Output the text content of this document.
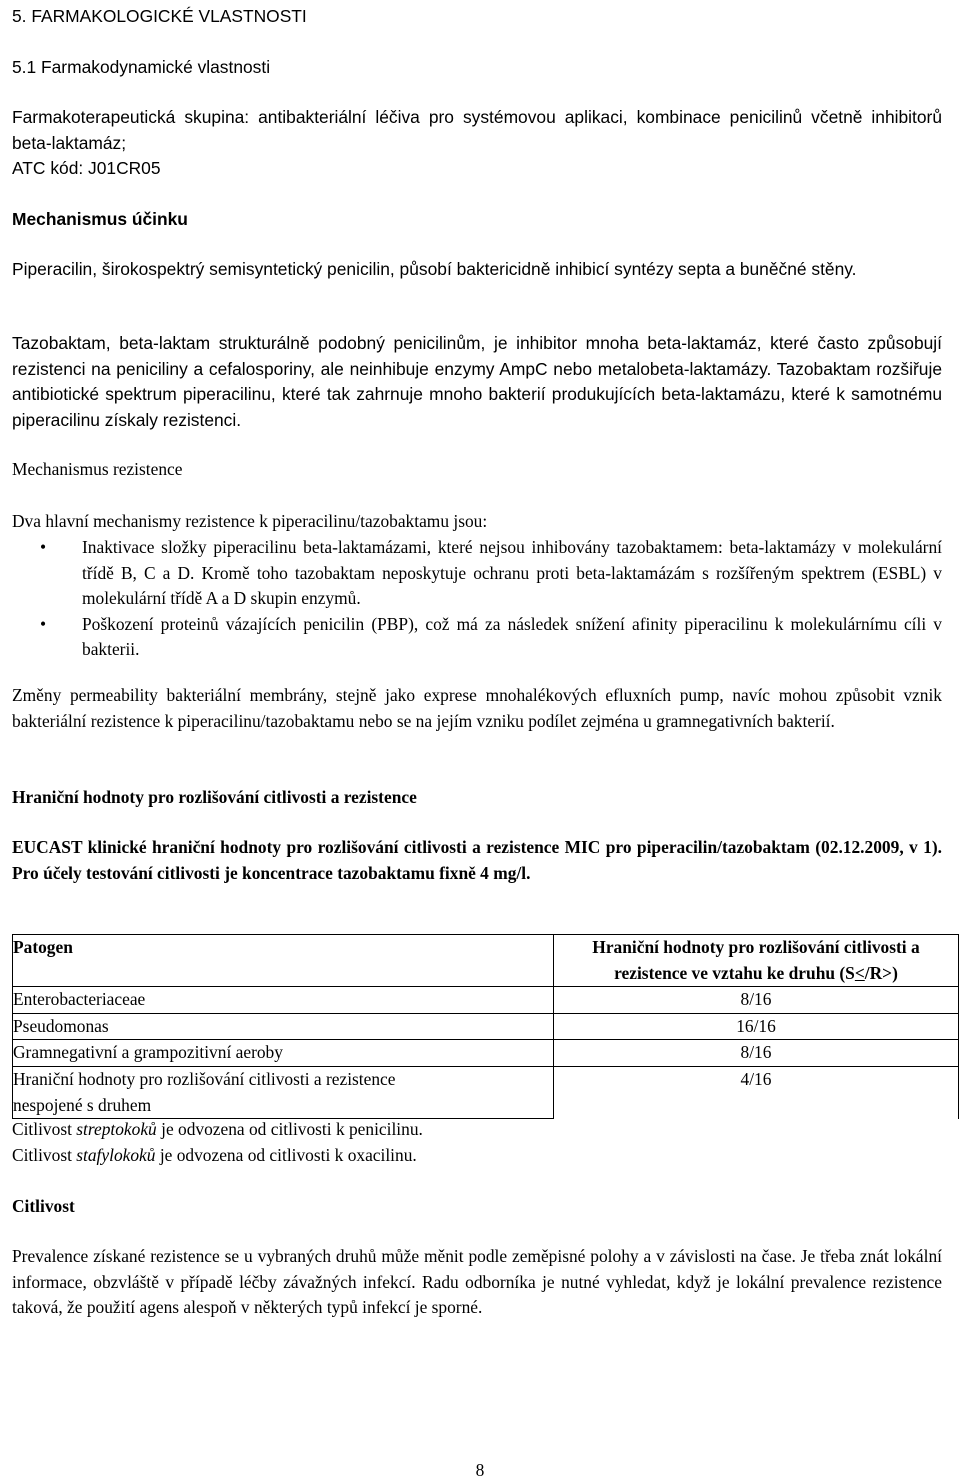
5. FARMAKOLOGICKÉ VLASTNOSTI
5.1 Farmakodynamické vlastnosti
Farmakoterapeutická skupina: antibakteriální léčiva pro systémovou aplikaci, kombinace penicilinů včetně inhibitorů beta-laktamáz;
ATC kód: J01CR05
Mechanismus účinku
Piperacilin, širokospektrý semisyntetický penicilin, působí baktericidně inhibicí syntézy septa a buněčné stěny.
Tazobaktam, beta-laktam strukturálně podobný penicilinům, je inhibitor mnoha beta-laktamáz, které často způsobují rezistenci na peniciliny a cefalosporiny, ale neinhibuje enzymy AmpC nebo metalobeta-laktamázy. Tazobaktam rozšiřuje antibiotické spektrum piperacilinu, které tak zahrnuje mnoho bakterií produkujících beta-laktamázu, které k samotnému piperacilinu získaly rezistenci.
Mechanismus rezistence
Dva hlavní mechanismy rezistence k piperacilinu/tazobaktamu jsou:
• Inaktivace složky piperacilinu beta-laktamázami, které nejsou inhibovány tazobaktamem: beta-laktamázy v molekulární třídě B, C a D. Kromě toho tazobaktam neposkytuje ochranu proti beta-laktamázám s rozšířeným spektrem (ESBL) v molekulární třídě A a D skupin enzymů.
• Poškození proteinů vázajících penicilin (PBP), což má za následek snížení afinity piperacilinu k molekulárnímu cíli v bakterii.
Změny permeability bakteriální membrány, stejně jako exprese mnohalékových efluxních pump, navíc mohou způsobit vznik bakteriální rezistence k piperacilinu/tazobaktamu nebo se na jejím vzniku podílet zejména u gramnegativních bakterií.
Hraniční hodnoty pro rozlišování citlivosti a rezistence
EUCAST klinické hraniční hodnoty pro rozlišování citlivosti a rezistence MIC pro piperacilin/tazobaktam (02.12.2009, v 1). Pro účely testování citlivosti je koncentrace tazobaktamu fixně 4 mg/l.
Patogen	Hraniční hodnoty pro rozlišování citlivosti a
rezistence ve vztahu ke druhu (S</R>)
Enterobacteriaceae	8/16
Pseudomonas	16/16
Gramnegativní a grampozitivní aeroby	8/16
Hraniční hodnoty pro rozlišování citlivosti a rezistence nespojené s druhem	4/16
Citlivost streptokoků je odvozena od citlivosti k penicilinu.
Citlivost stafylokoků je odvozena od citlivosti k oxacilinu.
Citlivost
Prevalence získané rezistence se u vybraných druhů může měnit podle zeměpisné polohy a v závislosti na čase. Je třeba znát lokální informace, obzvláště v případě léčby závažných infekcí. Radu odborníka je nutné vyhledat, když je lokální prevalence rezistence taková, že použití agens alespoň v některých typů infekcí je sporné.
8
